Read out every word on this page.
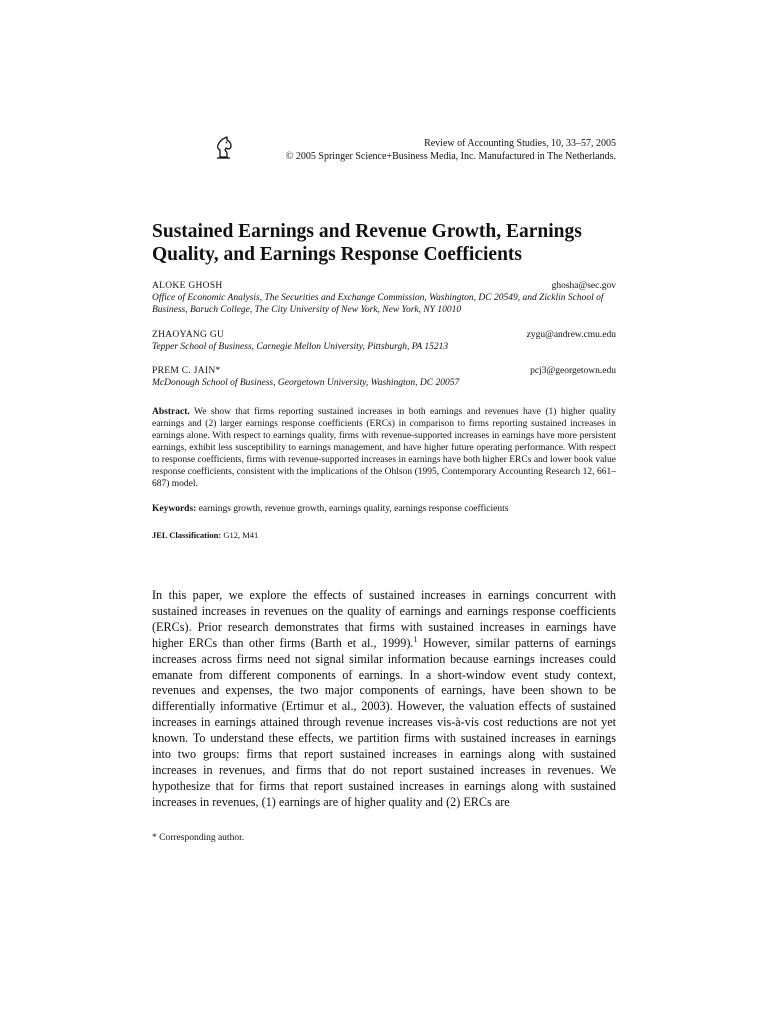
Review of Accounting Studies, 10, 33–57, 2005
© 2005 Springer Science+Business Media, Inc. Manufactured in The Netherlands.
Sustained Earnings and Revenue Growth, Earnings Quality, and Earnings Response Coefficients
ALOKE GHOSH	ghosha@sec.gov
Office of Economic Analysis, The Securities and Exchange Commission, Washington, DC 20549, and Zicklin School of Business, Baruch College, The City University of New York, New York, NY 10010
ZHAOYANG GU	zygu@andrew.cmu.edu
Tepper School of Business, Carnegie Mellon University, Pittsburgh, PA 15213
PREM C. JAIN*	pcj3@georgetown.edu
McDonough School of Business, Georgetown University, Washington, DC 20057
Abstract. We show that firms reporting sustained increases in both earnings and revenues have (1) higher quality earnings and (2) larger earnings response coefficients (ERCs) in comparison to firms reporting sustained increases in earnings alone. With respect to earnings quality, firms with revenue-supported increases in earnings have more persistent earnings, exhibit less susceptibility to earnings management, and have higher future operating performance. With respect to response coefficients, firms with revenue-supported increases in earnings have both higher ERCs and lower book value response coefficients, consistent with the implications of the Ohlson (1995, Contemporary Accounting Research 12, 661–687) model.
Keywords: earnings growth, revenue growth, earnings quality, earnings response coefficients
JEL Classification: G12, M41
In this paper, we explore the effects of sustained increases in earnings concurrent with sustained increases in revenues on the quality of earnings and earnings response coefficients (ERCs). Prior research demonstrates that firms with sustained increases in earnings have higher ERCs than other firms (Barth et al., 1999).$^1$ However, similar patterns of earnings increases across firms need not signal similar information because earnings increases could emanate from different components of earnings. In a short-window event study context, revenues and expenses, the two major components of earnings, have been shown to be differentially informative (Ertimur et al., 2003). However, the valuation effects of sustained increases in earnings attained through revenue increases vis-à-vis cost reductions are not yet known. To understand these effects, we partition firms with sustained increases in earnings into two groups: firms that report sustained increases in earnings along with sustained increases in revenues, and firms that do not report sustained increases in revenues. We hypothesize that for firms that report sustained increases in earnings along with sustained increases in revenues, (1) earnings are of higher quality and (2) ERCs are
* Corresponding author.
